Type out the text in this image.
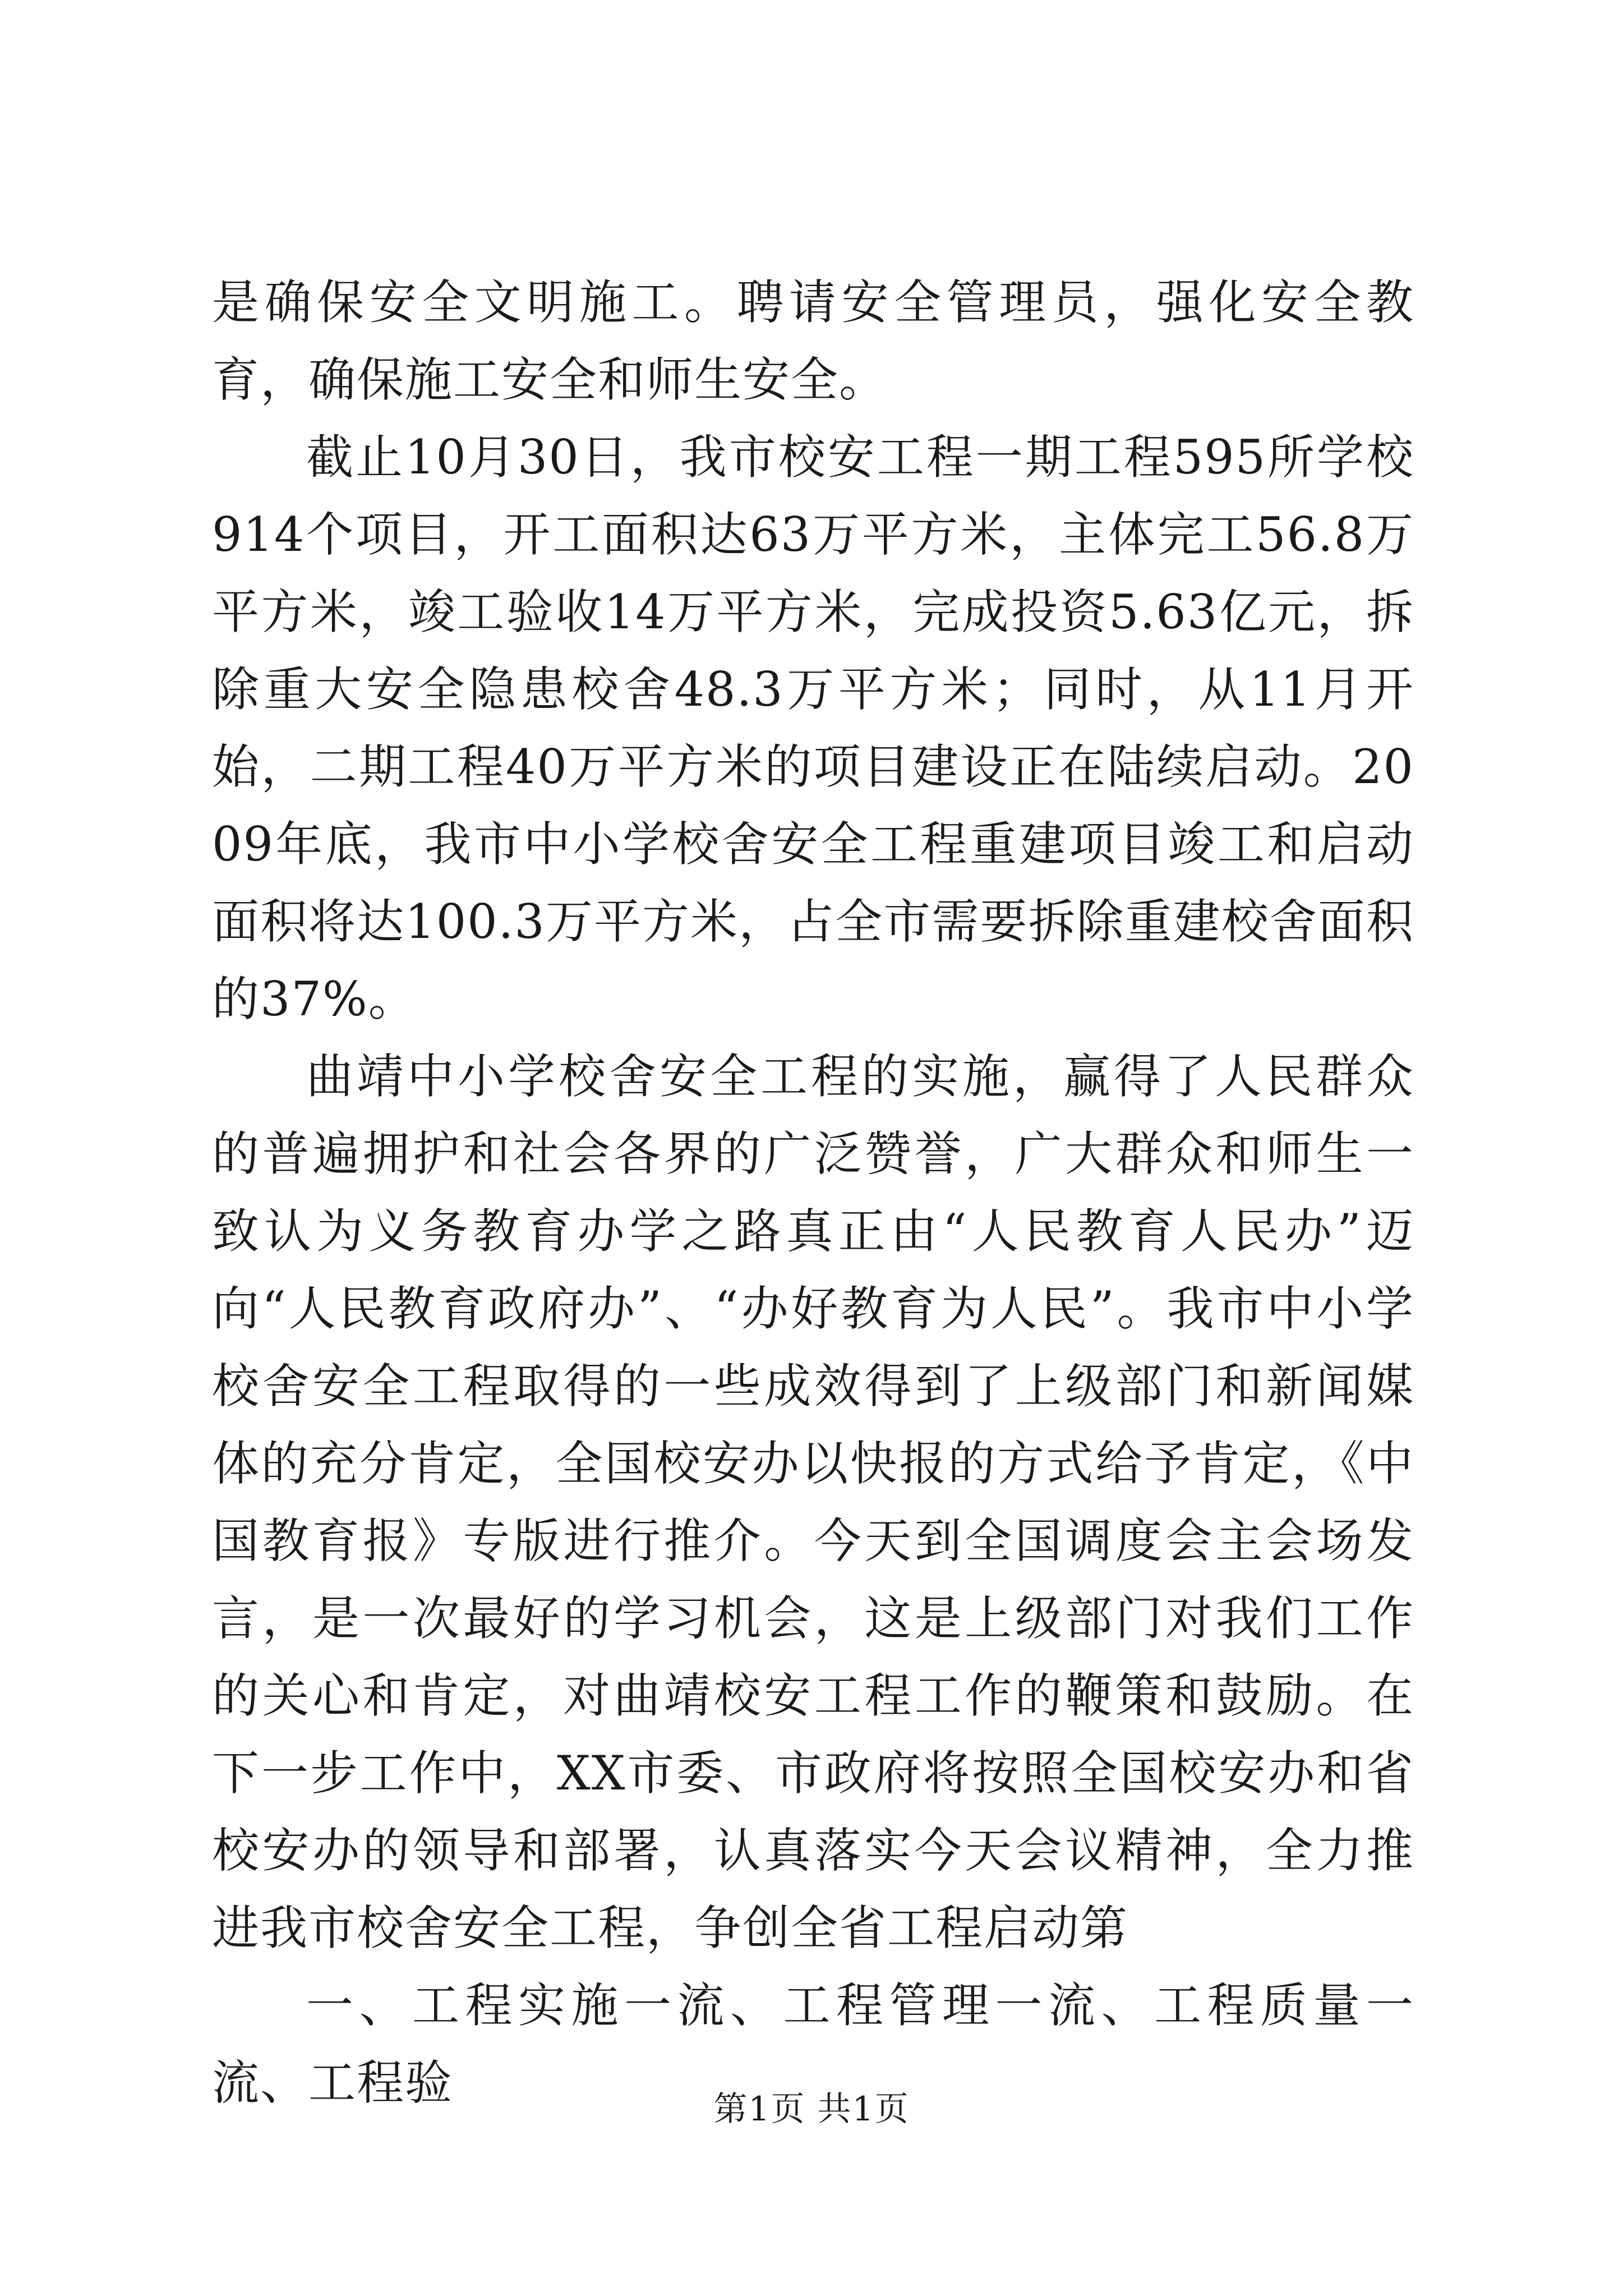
是确保安全文明施工。聘请安全管理员，强化安全教育，确保施工安全和师生安全。

截止10月30日，我市校安工程一期工程595所学校914个项目，开工面积达63万平方米，主体完工56.8万平方米，竣工验收14万平方米，完成投资5.63亿元，拆除重大安全隐患校舍48.3万平方米；同时，从11月开始，二期工程40万平方米的项目建设正在陆续启动。2009年底，我市中小学校舍安全工程重建项目竣工和启动面积将达100.3万平方米，占全市需要拆除重建校舍面积的37%。

曲靖中小学校舍安全工程的实施，赢得了人民群众的普遍拥护和社会各界的广泛赞誉，广大群众和师生一致认为义务教育办学之路真正由“人民教育人民办”迈向“人民教育政府办”、“办好教育为人民”。我市中小学校舍安全工程取得的一些成效得到了上级部门和新闻媒体的充分肯定，全国校安办以快报的方式给予肯定，《中国教育报》专版进行推介。今天到全国调度会主会场发言，是一次最好的学习机会，这是上级部门对我们工作的关心和肯定，对曲靖校安工程工作的鞭策和鼓励。在下一步工作中，XX市委、市政府将按照全国校安办和省校安办的领导和部署，认真落实今天会议精神，全力推进我市校舍安全工程，争创全省工程启动第

一、工程实施一流、工程管理一流、工程质量一流、工程验	第1页 共1页
